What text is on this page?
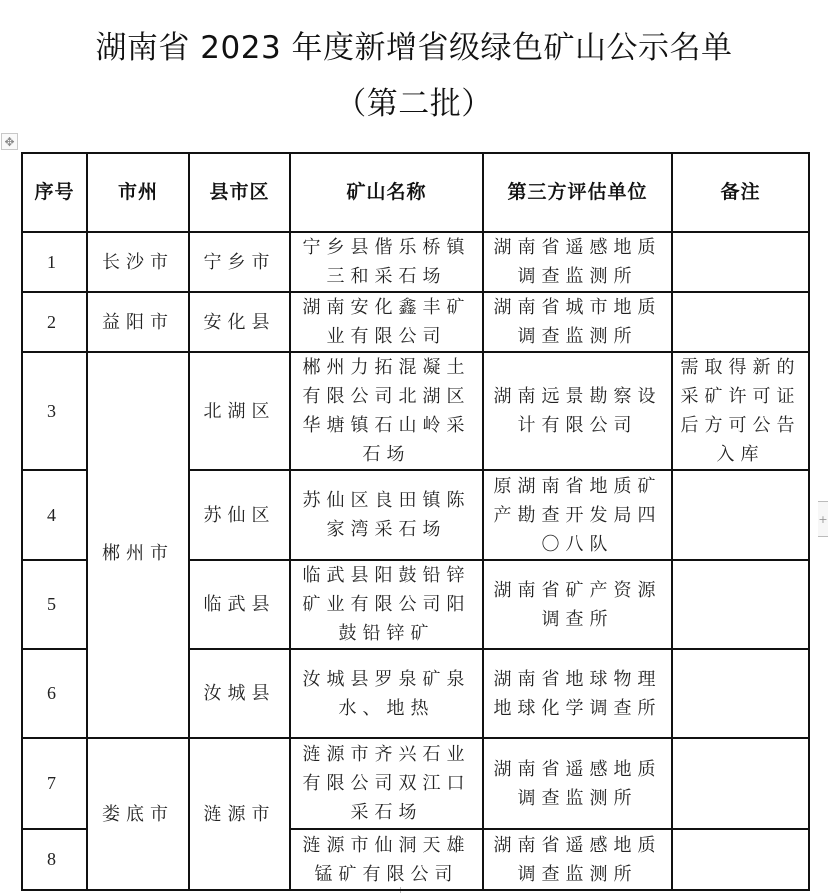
湖南省 2023 年度新增省级绿色矿山公示名单
（第二批）
✥
+
序号	市州	县市区	矿山名称	第三方评估单位	备注
1	长沙市	宁乡市	宁乡县偕乐桥镇三和采石场	湖南省遥感地质调查监测所	
2	益阳市	安化县	湖南安化鑫丰矿业有限公司	湖南省城市地质调查监测所	
3	郴州市	北湖区	郴州力拓混凝土有限公司北湖区华塘镇石山岭采石场	湖南远景勘察设计有限公司	需取得新的采矿许可证后方可公告入库
4		苏仙区	苏仙区良田镇陈家湾采石场	原湖南省地质矿产勘查开发局四〇八队	
5		临武县	临武县阳鼓铅锌矿业有限公司阳鼓铅锌矿	湖南省矿产资源调查所	
6		汝城县	汝城县罗泉矿泉水、地热	湖南省地球物理地球化学调查所	
7	娄底市	涟源市	涟源市齐兴石业有限公司双江口采石场	湖南省遥感地质调查监测所	
8			涟源市仙洞天雄锰矿有限公司	湖南省遥感地质调查监测所	
